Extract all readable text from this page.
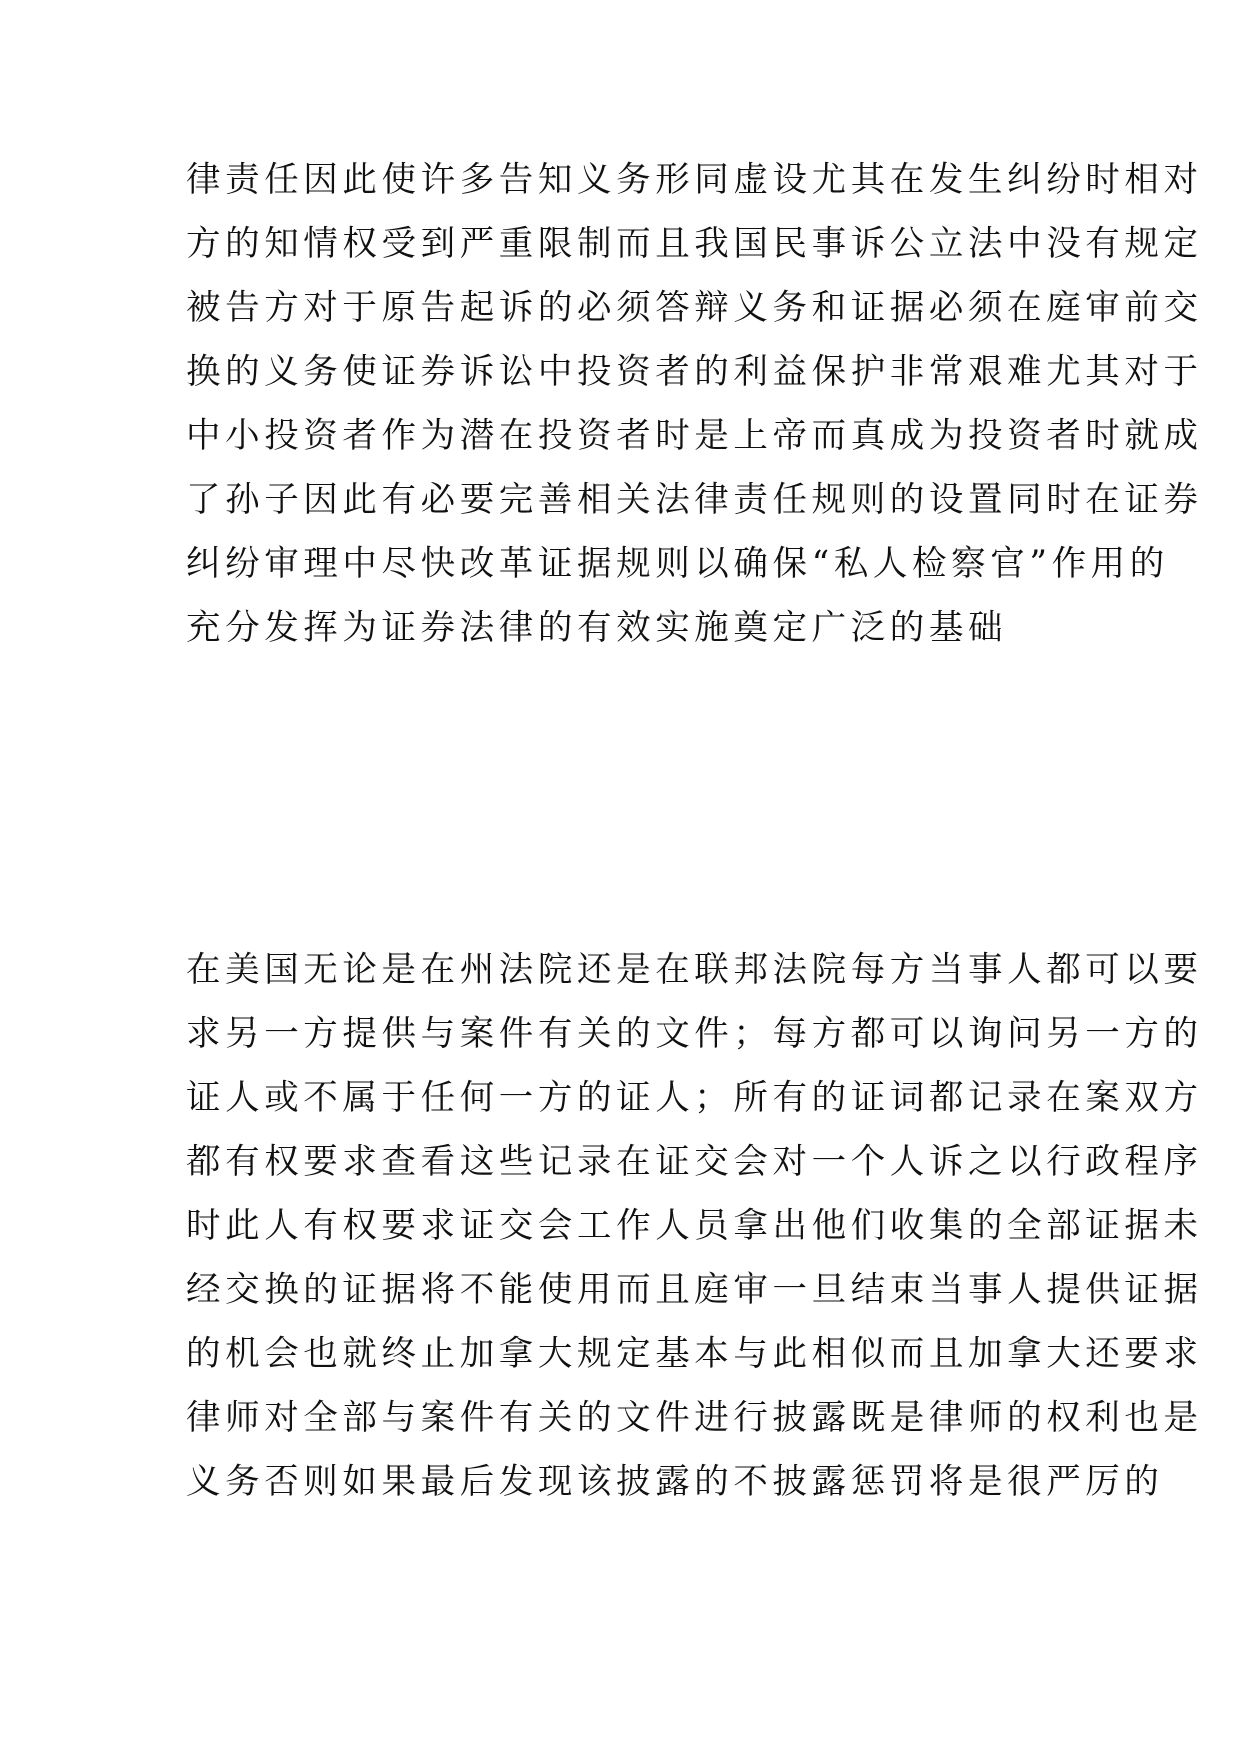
律责任因此使许多告知义务形同虚设尤其在发生纠纷时相对
方的知情权受到严重限制而且我国民事诉公立法中没有规定
被告方对于原告起诉的必须答辩义务和证据必须在庭审前交
换的义务使证券诉讼中投资者的利益保护非常艰难尤其对于
中小投资者作为潜在投资者时是上帝而真成为投资者时就成
了孙子因此有必要完善相关法律责任规则的设置同时在证券
纠纷审理中尽快改革证据规则以确保“私人检察官”作用的
充分发挥为证券法律的有效实施奠定广泛的基础
在美国无论是在州法院还是在联邦法院每方当事人都可以要
求另一方提供与案件有关的文件；每方都可以询问另一方的
证人或不属于任何一方的证人；所有的证词都记录在案双方
都有权要求查看这些记录在证交会对一个人诉之以行政程序
时此人有权要求证交会工作人员拿出他们收集的全部证据未
经交换的证据将不能使用而且庭审一旦结束当事人提供证据
的机会也就终止加拿大规定基本与此相似而且加拿大还要求
律师对全部与案件有关的文件进行披露既是律师的权利也是
义务否则如果最后发现该披露的不披露惩罚将是很严厉的
